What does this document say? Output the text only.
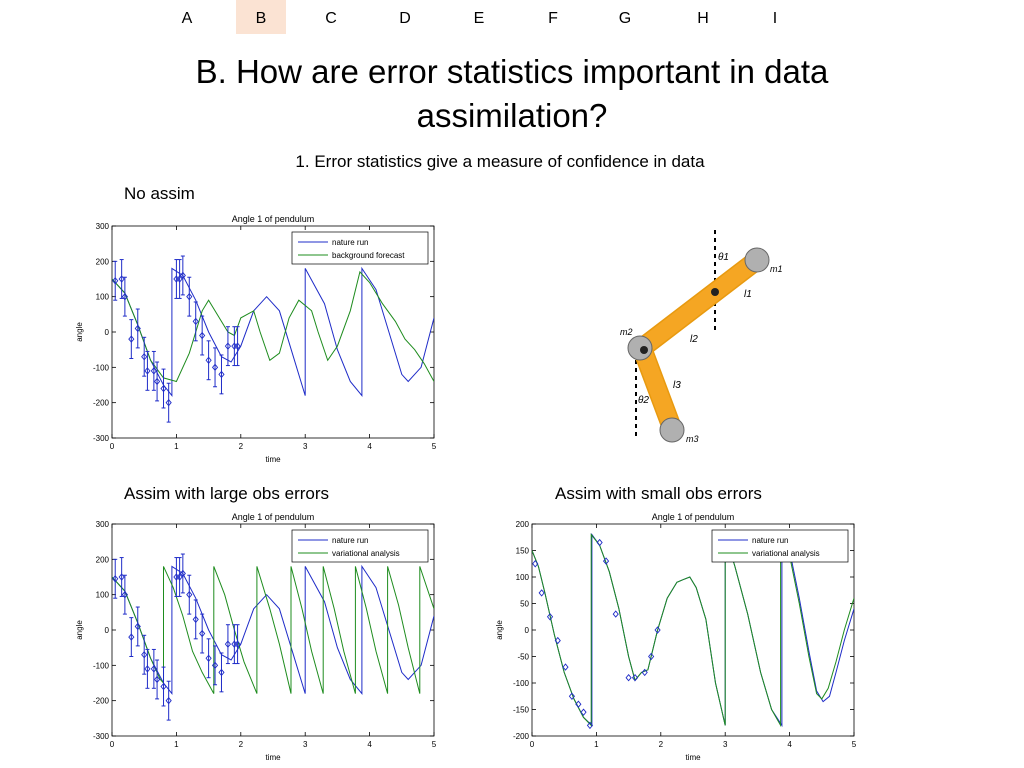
A	B	C	D	E	F	G	H	I
B. How are error statistics important in data
assimilation?
1. Error statistics give a measure of confidence in data
No assim
Assim with large obs errors	Assim with small obs errors
Angle 1 of pendulum
0	1	2	3	4	5
-300
-200
-100
0
100
200
300
time
angle
nature run
background forecast
Angle 1 of pendulum
0	1	2	3	4	5
-300
-200
-100
0
100
200
300
time
angle
nature run
variational analysis
Angle 1 of pendulum
0	1	2	3	4	5
-200
-150
-100
-50
0
50
100
150
200
time
angle
nature run
variational analysis
θ1
m1
l1
l2
m2
l3
θ2
m3
